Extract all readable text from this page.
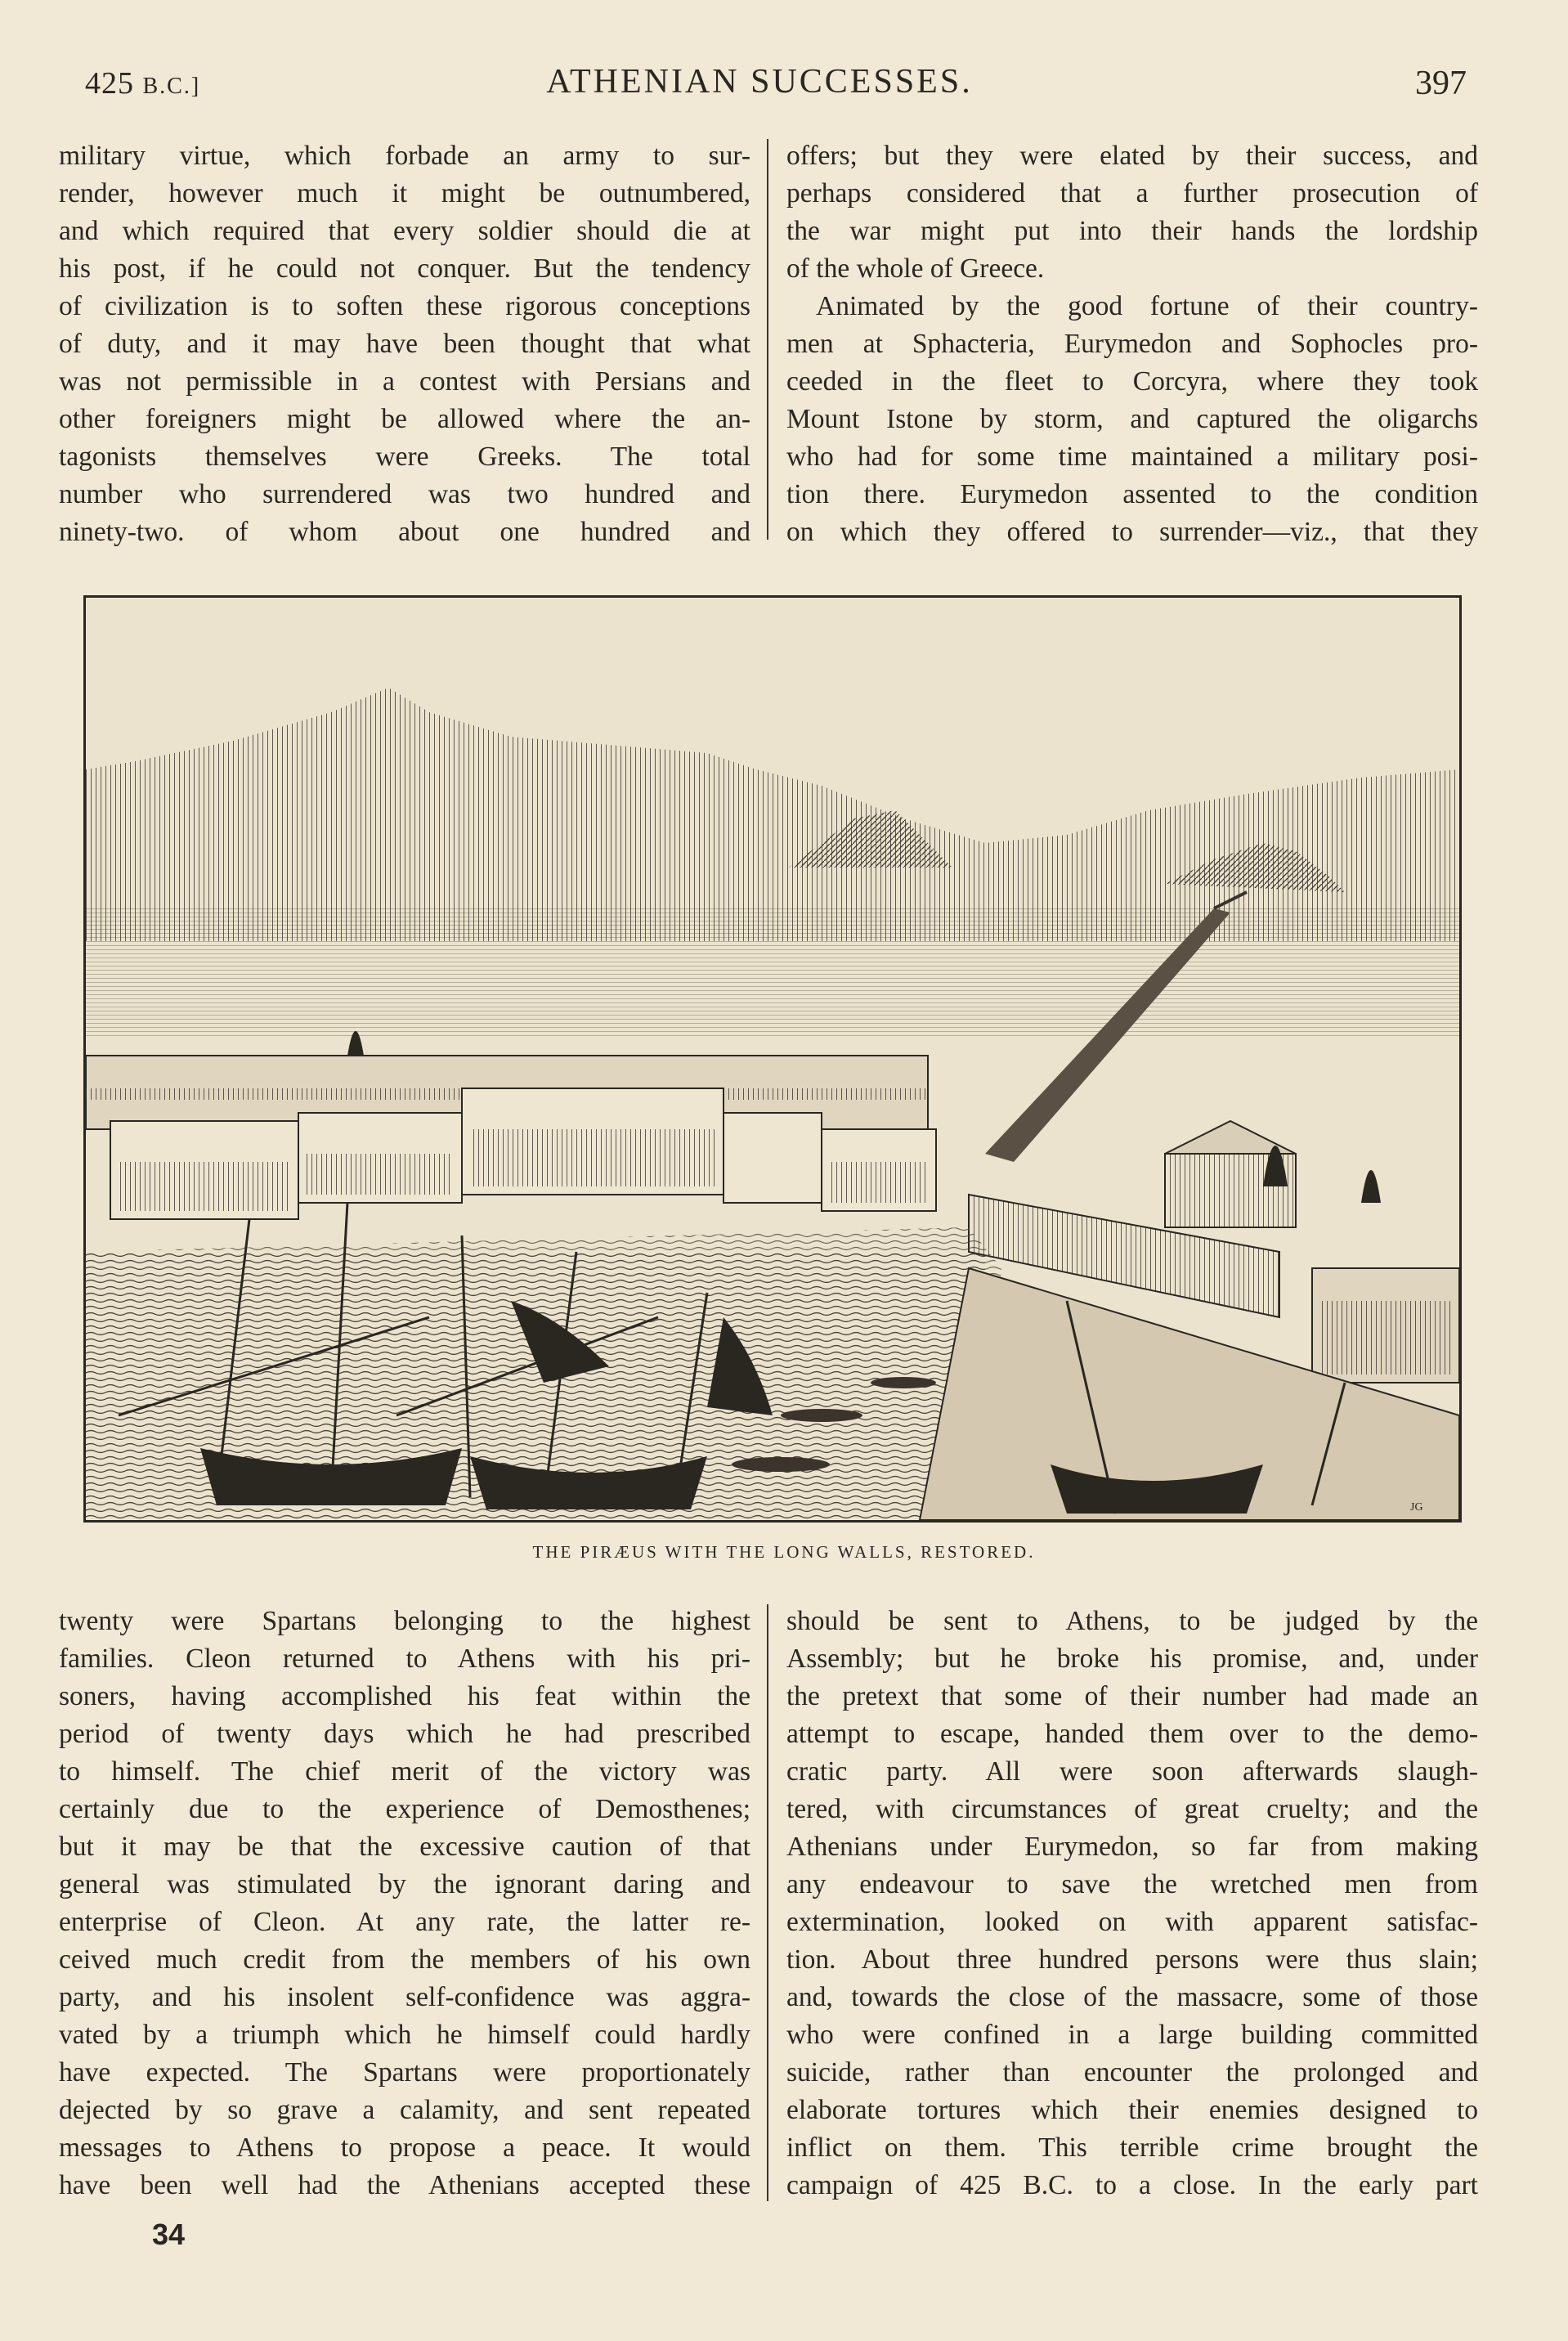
425 B.C.]	ATHENIAN SUCCESSES.	397
military virtue, which forbade an army to sur-
render, however much it might be outnumbered,
and which required that every soldier should die at
his post, if he could not conquer. But the tendency
of civilization is to soften these rigorous conceptions
of duty, and it may have been thought that what
was not permissible in a contest with Persians and
other foreigners might be allowed where the an-
tagonists themselves were Greeks. The total
number who surrendered was two hundred and
ninety-two. of whom about one hundred and
offers; but they were elated by their success, and
perhaps considered that a further prosecution of
the war might put into their hands the lordship
of the whole of Greece.
Animated by the good fortune of their country-
men at Sphacteria, Eurymedon and Sophocles pro-
ceeded in the fleet to Corcyra, where they took
Mount Istone by storm, and captured the oligarchs
who had for some time maintained a military posi-
tion there. Eurymedon assented to the condition
on which they offered to surrender—viz., that they
JG
THE PIRÆUS WITH THE LONG WALLS, RESTORED.
twenty were Spartans belonging to the highest
families. Cleon returned to Athens with his pri-
soners, having accomplished his feat within the
period of twenty days which he had prescribed
to himself. The chief merit of the victory was
certainly due to the experience of Demosthenes;
but it may be that the excessive caution of that
general was stimulated by the ignorant daring and
enterprise of Cleon. At any rate, the latter re-
ceived much credit from the members of his own
party, and his insolent self-confidence was aggra-
vated by a triumph which he himself could hardly
have expected. The Spartans were proportionately
dejected by so grave a calamity, and sent repeated
messages to Athens to propose a peace. It would
have been well had the Athenians accepted these
should be sent to Athens, to be judged by the
Assembly; but he broke his promise, and, under
the pretext that some of their number had made an
attempt to escape, handed them over to the demo-
cratic party. All were soon afterwards slaugh-
tered, with circumstances of great cruelty; and the
Athenians under Eurymedon, so far from making
any endeavour to save the wretched men from
extermination, looked on with apparent satisfac-
tion. About three hundred persons were thus slain;
and, towards the close of the massacre, some of those
who were confined in a large building committed
suicide, rather than encounter the prolonged and
elaborate tortures which their enemies designed to
inflict on them. This terrible crime brought the
campaign of 425 B.C. to a close. In the early part
34
